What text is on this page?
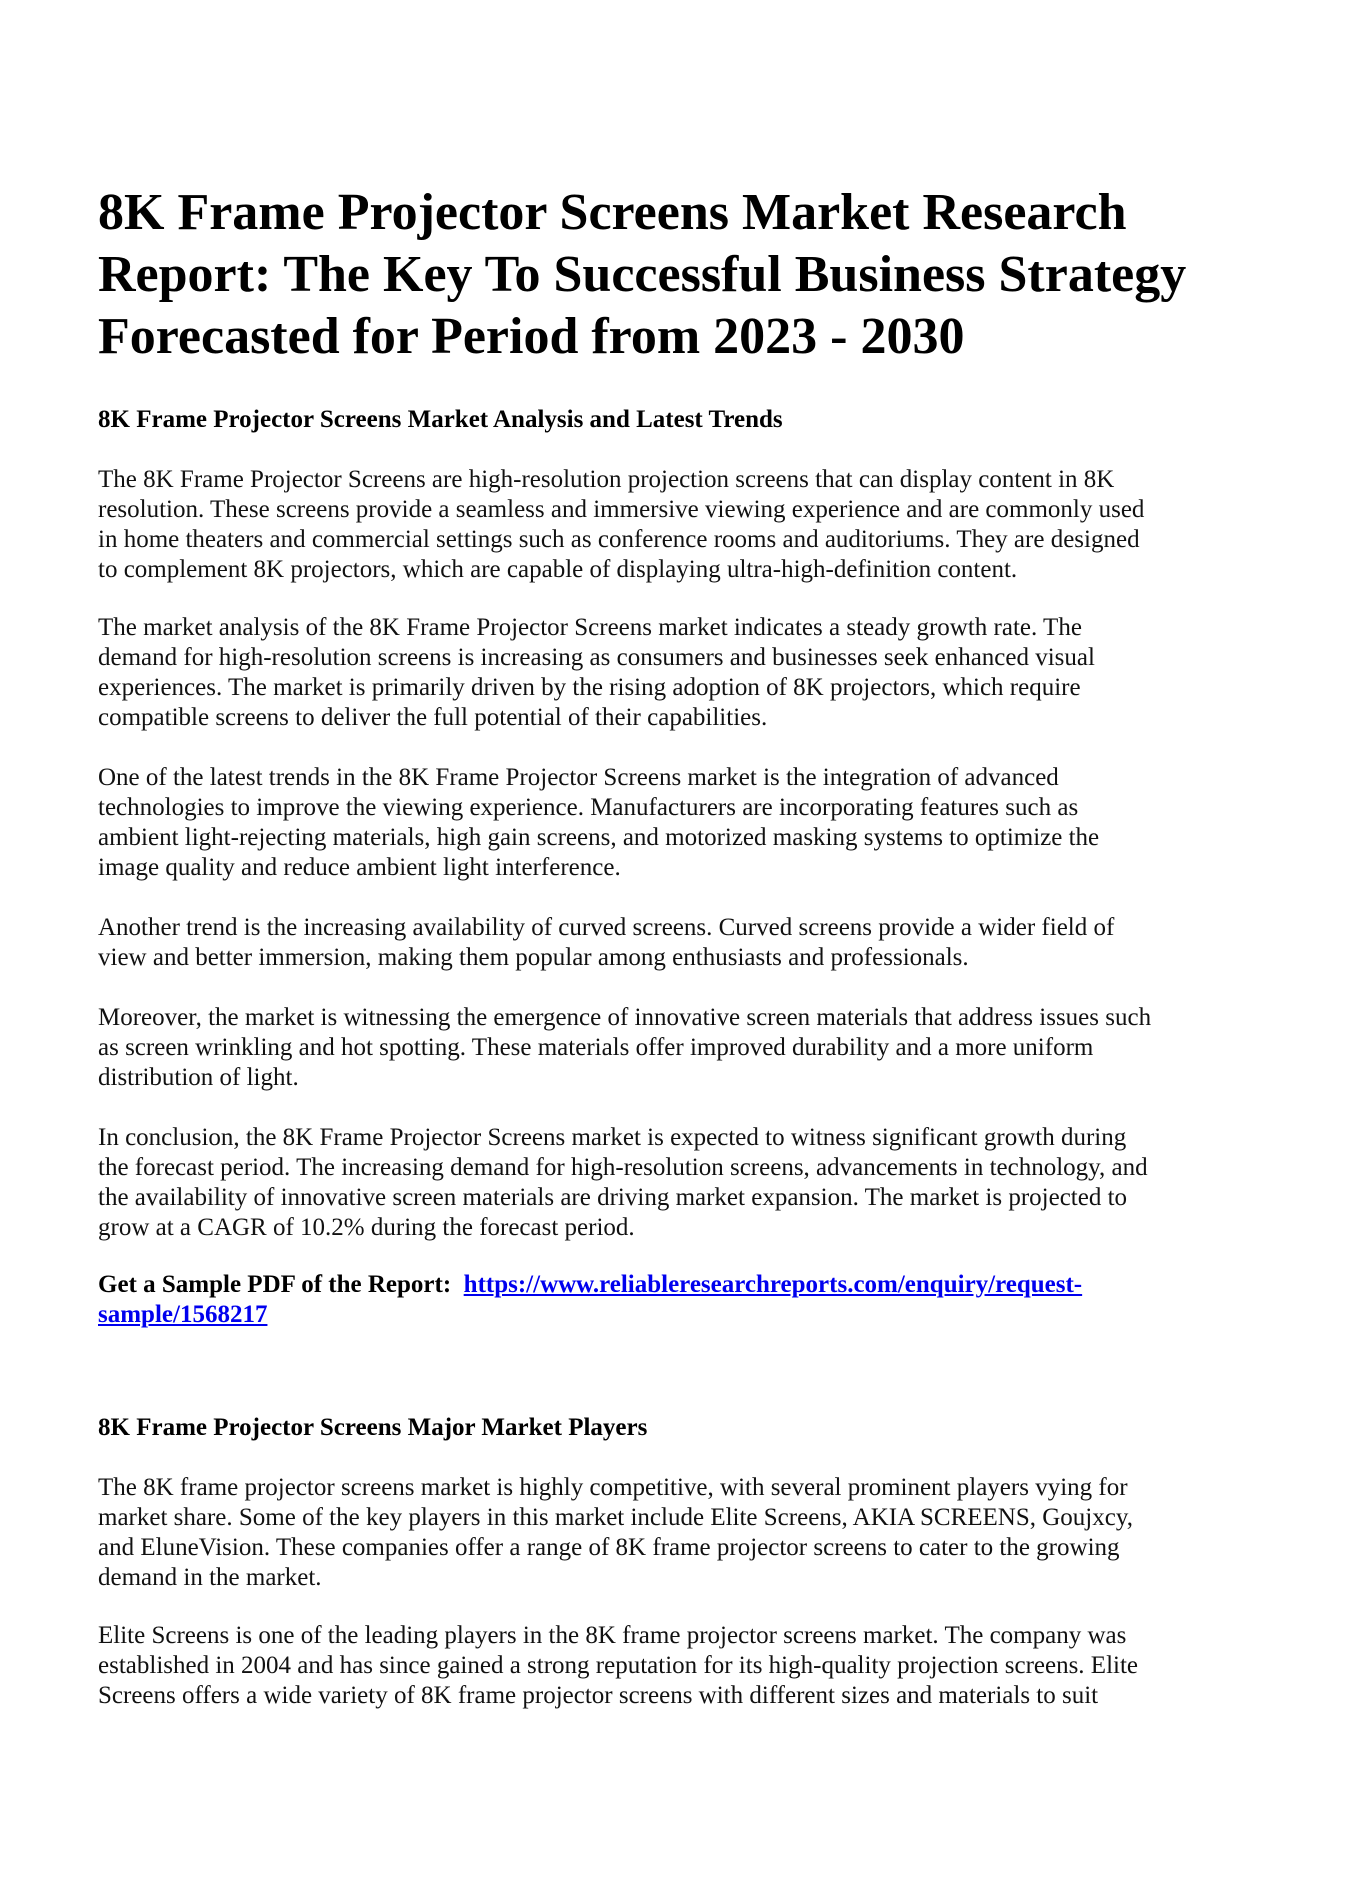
8K Frame Projector Screens Market Research
Report: The Key To Successful Business Strategy
Forecasted for Period from 2023 - 2030
8K Frame Projector Screens Market Analysis and Latest Trends
The 8K Frame Projector Screens are high-resolution projection screens that can display content in 8K
resolution. These screens provide a seamless and immersive viewing experience and are commonly used
in home theaters and commercial settings such as conference rooms and auditoriums. They are designed
to complement 8K projectors, which are capable of displaying ultra-high-definition content.
The market analysis of the 8K Frame Projector Screens market indicates a steady growth rate. The
demand for high-resolution screens is increasing as consumers and businesses seek enhanced visual
experiences. The market is primarily driven by the rising adoption of 8K projectors, which require
compatible screens to deliver the full potential of their capabilities.
One of the latest trends in the 8K Frame Projector Screens market is the integration of advanced
technologies to improve the viewing experience. Manufacturers are incorporating features such as
ambient light-rejecting materials, high gain screens, and motorized masking systems to optimize the
image quality and reduce ambient light interference.
Another trend is the increasing availability of curved screens. Curved screens provide a wider field of
view and better immersion, making them popular among enthusiasts and professionals.
Moreover, the market is witnessing the emergence of innovative screen materials that address issues such
as screen wrinkling and hot spotting. These materials offer improved durability and a more uniform
distribution of light.
In conclusion, the 8K Frame Projector Screens market is expected to witness significant growth during
the forecast period. The increasing demand for high-resolution screens, advancements in technology, and
the availability of innovative screen materials are driving market expansion. The market is projected to
grow at a CAGR of 10.2% during the forecast period.
Get a Sample PDF of the Report: https://www.reliableresearchreports.com/enquiry/request-
sample/1568217
8K Frame Projector Screens Major Market Players
The 8K frame projector screens market is highly competitive, with several prominent players vying for
market share. Some of the key players in this market include Elite Screens, AKIA SCREENS, Goujxcy,
and EluneVision. These companies offer a range of 8K frame projector screens to cater to the growing
demand in the market.
Elite Screens is one of the leading players in the 8K frame projector screens market. The company was
established in 2004 and has since gained a strong reputation for its high-quality projection screens. Elite
Screens offers a wide variety of 8K frame projector screens with different sizes and materials to suit
